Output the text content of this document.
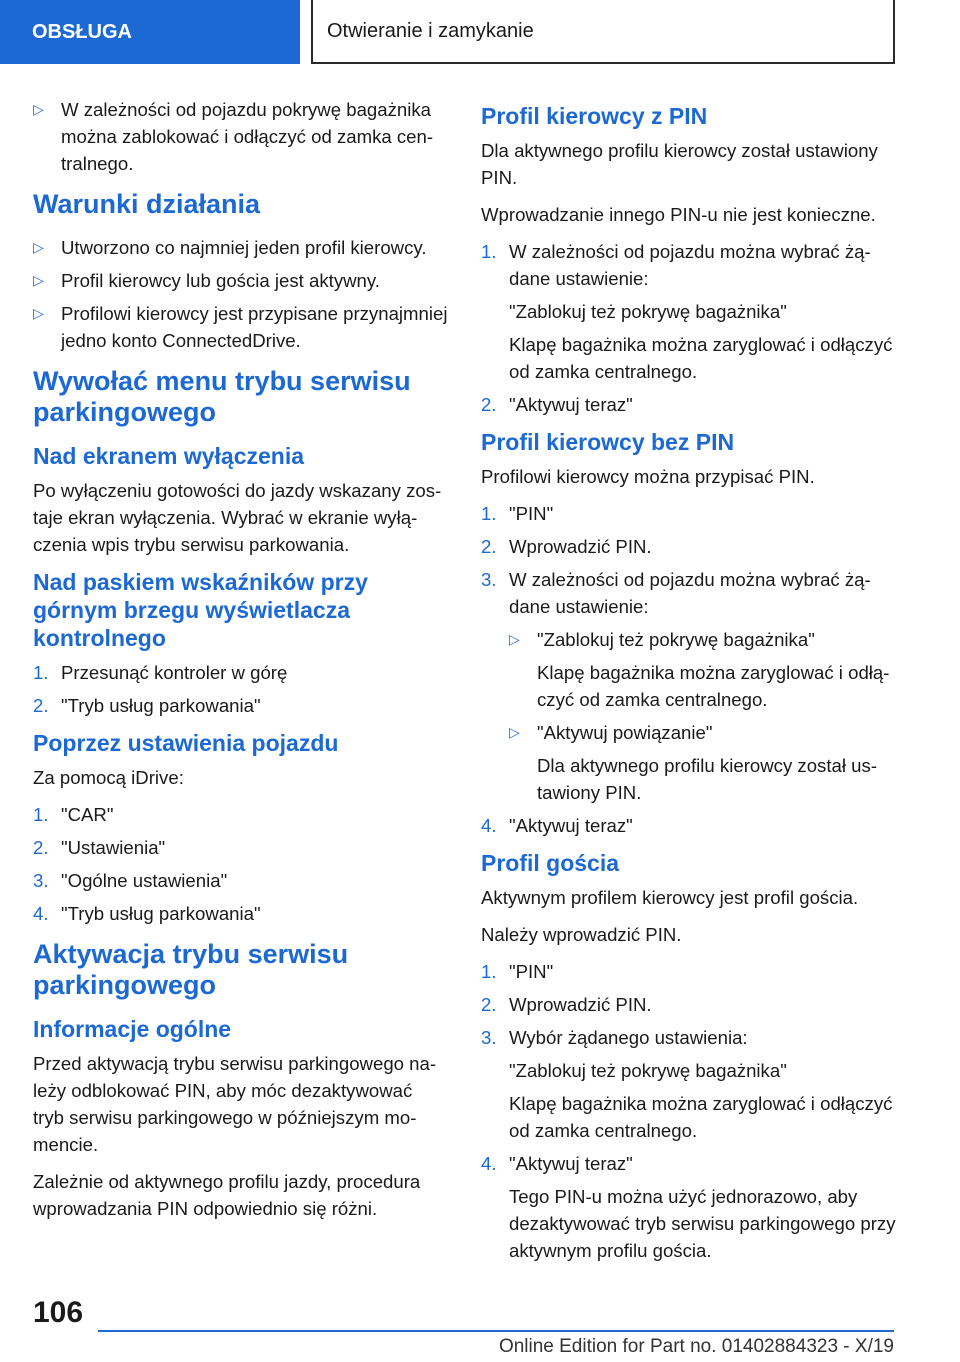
OBSŁUGA	Otwieranie i zamykanie
▷ W zależności od pojazdu pokrywę bagażnika można zablokować i odłączyć od zamka centralnego.
Warunki działania
▷ Utworzono co najmniej jeden profil kierowcy.
▷ Profil kierowcy lub gościa jest aktywny.
▷ Profilowi kierowcy jest przypisane przynajmniej jedno konto ConnectedDrive.
Wywołać menu trybu serwisu parkingowego
Nad ekranem wyłączenia

Po wyłączeniu gotowości do jazdy wskazany zostaje ekran wyłączenia. Wybrać w ekranie wyłączenia wpis trybu serwisu parkowania.

Nad paskiem wskaźników przy górnym brzegu wyświetlacza kontrolnego
1. Przesunąć kontroler w górę
2. "Tryb usług parkowania"
Poprzez ustawienia pojazdu

Za pomocą iDrive:

1. "CAR"
2. "Ustawienia"
3. "Ogólne ustawienia"
4. "Tryb usług parkowania"
Aktywacja trybu serwisu parkingowego
Informacje ogólne

Przed aktywacją trybu serwisu parkingowego należy odblokować PIN, aby móc dezaktywować tryb serwisu parkingowego w późniejszym momencie.

Zależnie od aktywnego profilu jazdy, procedura wprowadzania PIN odpowiednio się różni.

Profil kierowcy z PIN

Dla aktywnego profilu kierowcy został ustawiony PIN.

Wprowadzanie innego PIN-u nie jest konieczne.

1. W zależności od pojazdu można wybrać żądane ustawienie:
"Zablokuj też pokrywę bagażnika"
Klapę bagażnika można zaryglować i odłączyć od zamka centralnego.
2. "Aktywuj teraz"
Profil kierowcy bez PIN

Profilowi kierowcy można przypisać PIN.

1. "PIN"
2. Wprowadzić PIN.
3. W zależności od pojazdu można wybrać żądane ustawienie:
▷ "Zablokuj też pokrywę bagażnika"
Klapę bagażnika można zaryglować i odłączyć od zamka centralnego.
▷ "Aktywuj powiązanie"
Dla aktywnego profilu kierowcy został ustawiony PIN.
4. "Aktywuj teraz"
Profil gościa

Aktywnym profilem kierowcy jest profil gościa.

Należy wprowadzić PIN.

1. "PIN"
2. Wprowadzić PIN.
3. Wybór żądanego ustawienia:
"Zablokuj też pokrywę bagażnika"
Klapę bagażnika można zaryglować i odłączyć od zamka centralnego.
4. "Aktywuj teraz"
Tego PIN-u można użyć jednorazowo, aby dezaktywować tryb serwisu parkingowego przy aktywnym profilu gościa.
106
Online Edition for Part no. 01402884323 - X/19
